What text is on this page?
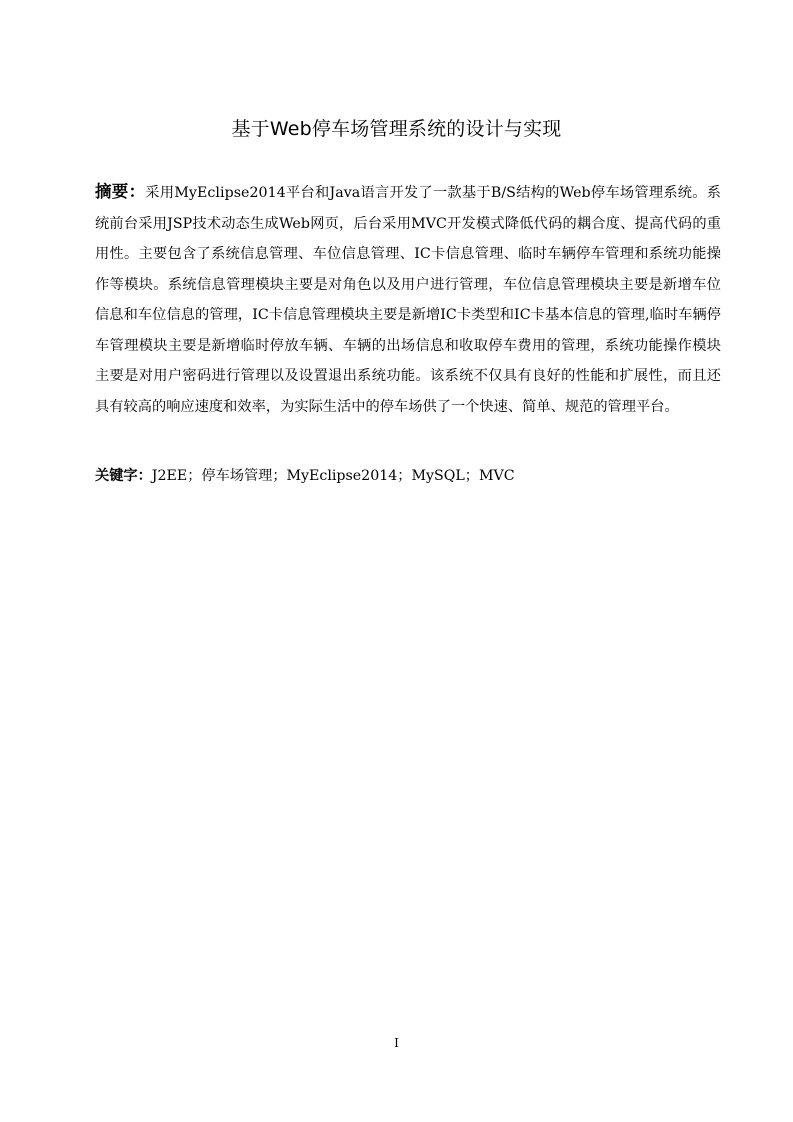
基于Web停车场管理系统的设计与实现

摘要：采用MyEclipse2014平台和Java语言开发了一款基于B/S结构的Web停车场管理系统。系统前台采用JSP技术动态生成Web网页，后台采用MVC开发模式降低代码的耦合度、提高代码的重用性。主要包含了系统信息管理、车位信息管理、IC卡信息管理、临时车辆停车管理和系统功能操作等模块。系统信息管理模块主要是对角色以及用户进行管理，车位信息管理模块主要是新增车位信息和车位信息的管理，IC卡信息管理模块主要是新增IC卡类型和IC卡基本信息的管理,临时车辆停车管理模块主要是新增临时停放车辆、车辆的出场信息和收取停车费用的管理，系统功能操作模块主要是对用户密码进行管理以及设置退出系统功能。该系统不仅具有良好的性能和扩展性，而且还具有较高的响应速度和效率，为实际生活中的停车场供了一个快速、简单、规范的管理平台。

关键字：J2EE；停车场管理；MyEclipse2014；MySQL；MVC

I
